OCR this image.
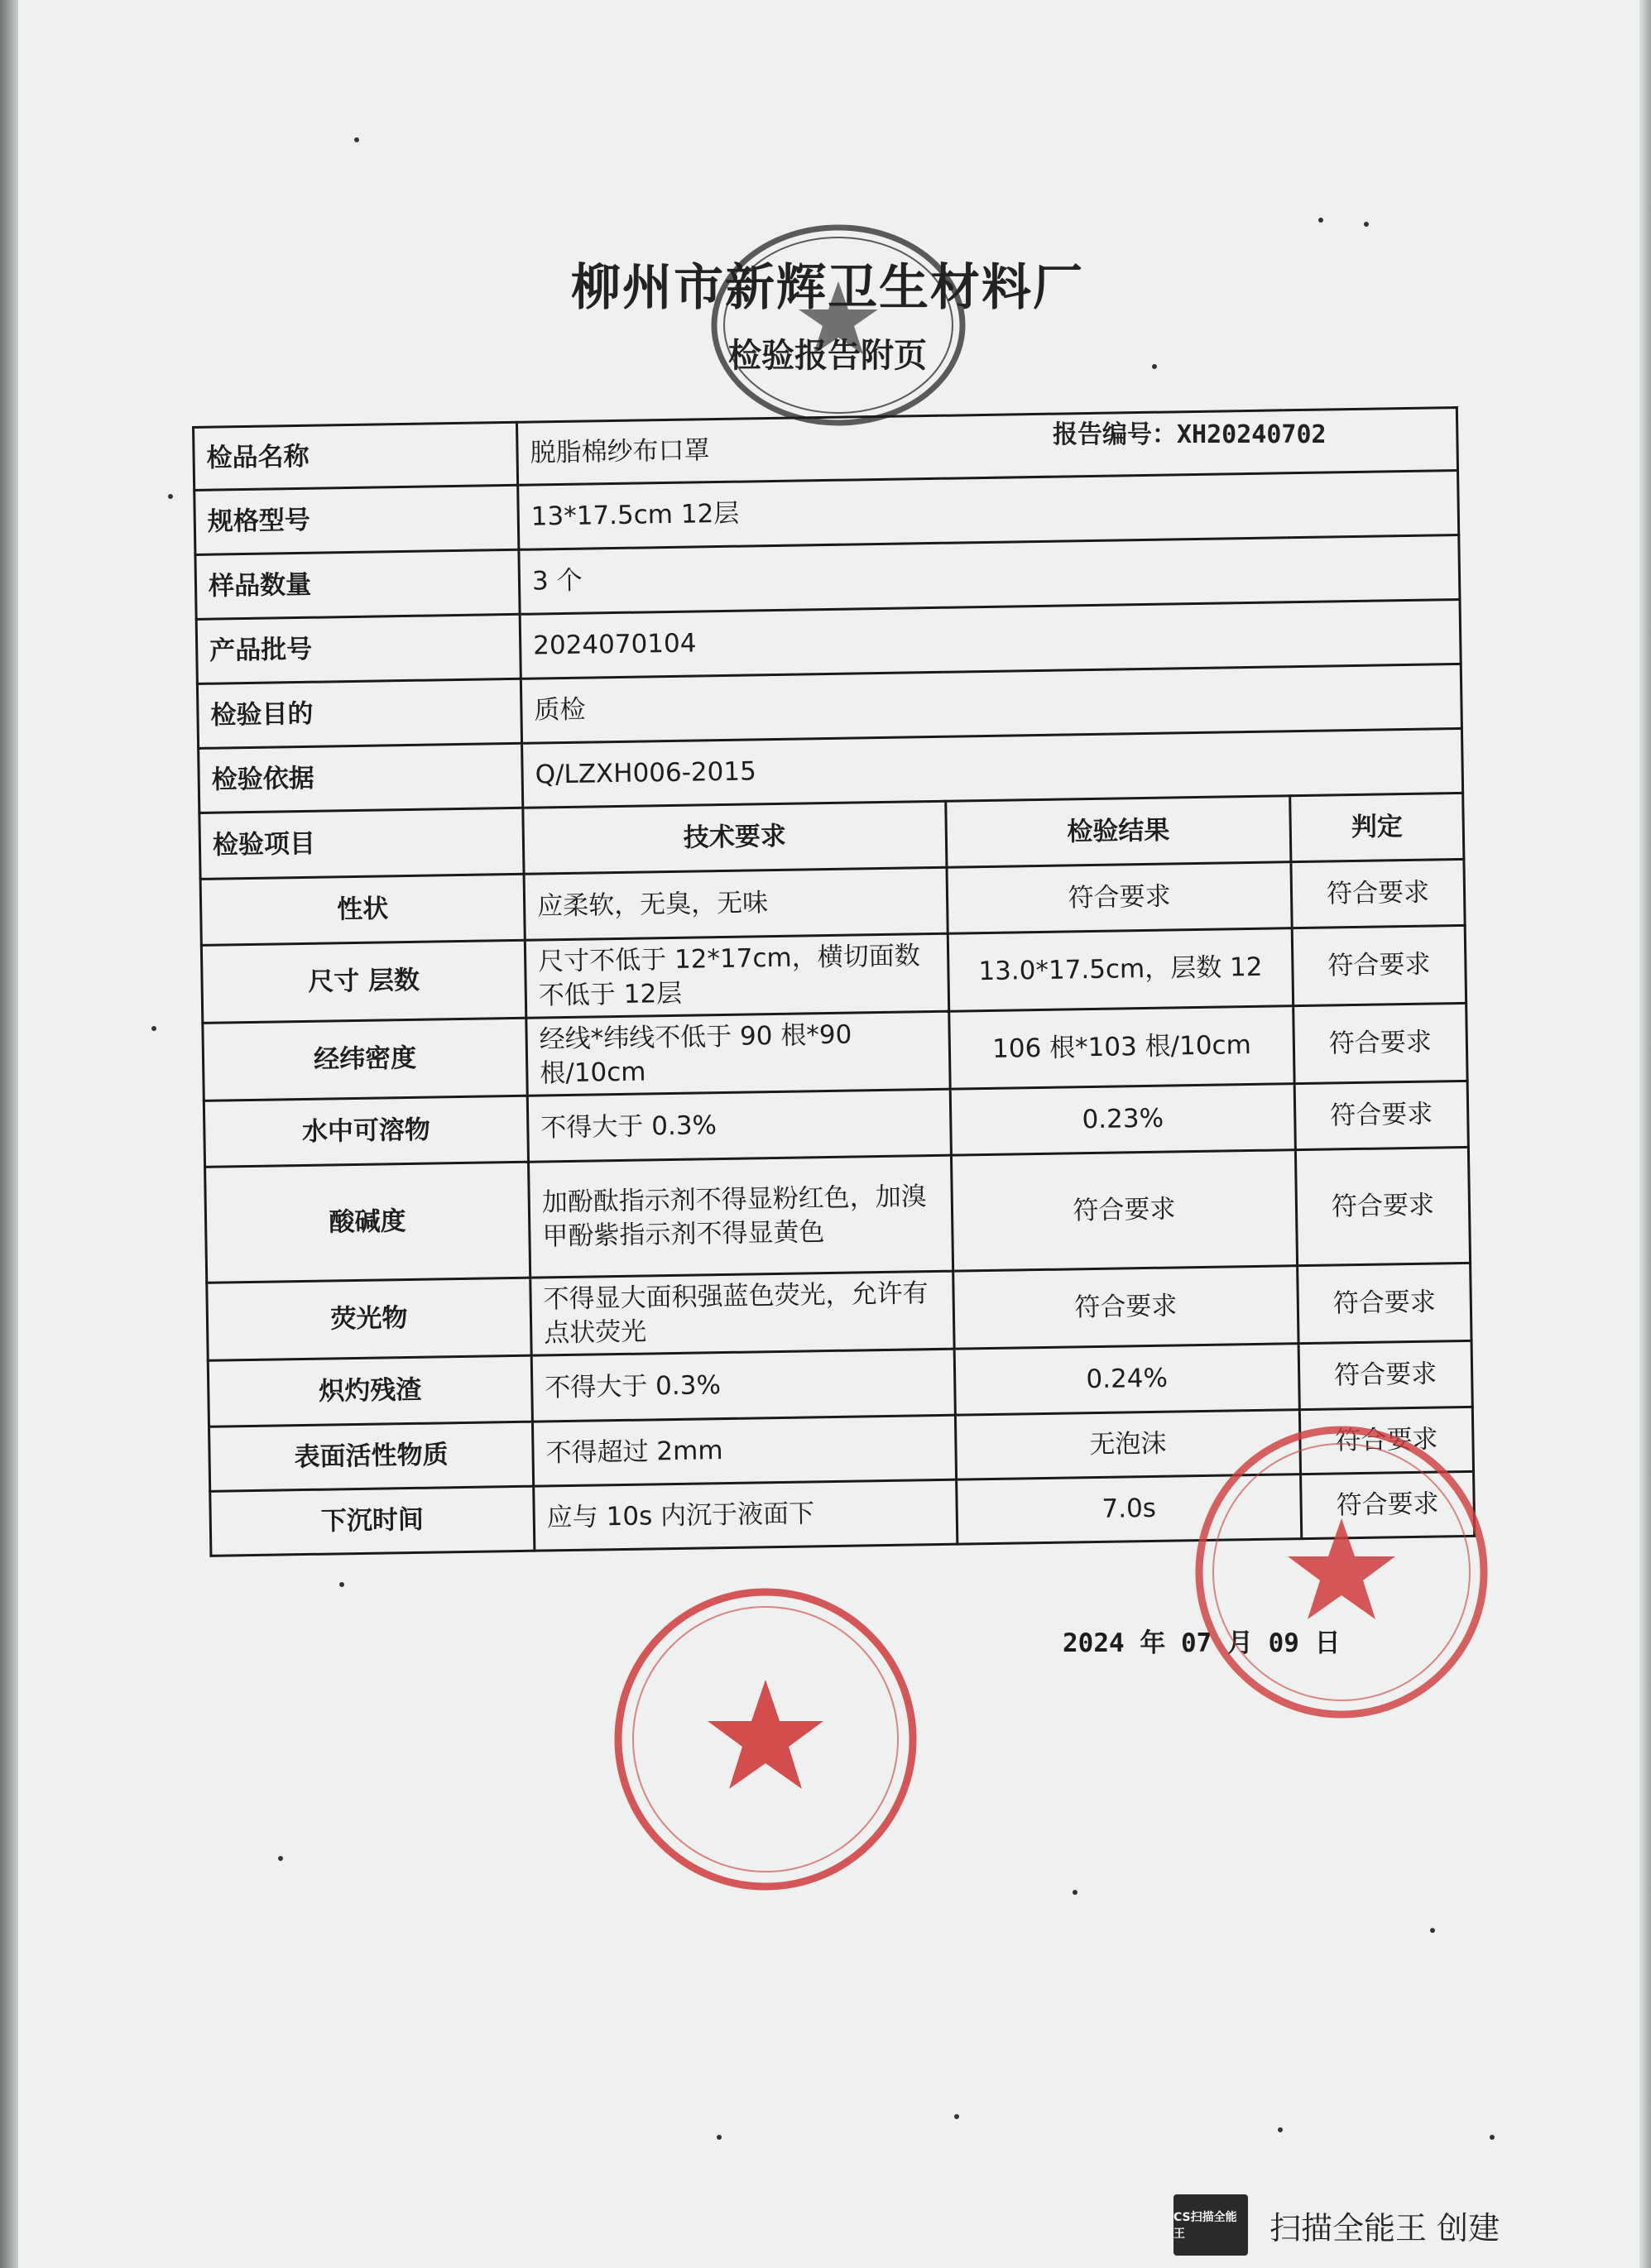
柳州市新辉卫生材料厂
检验报告附页
报告编号：XH20240702
检品名称	脱脂棉纱布口罩		
规格型号	13*17.5cm 12层		
样品数量	3 个		
产品批号	2024070104		
检验目的	质检		
检验依据	Q/LZXH006-2015		
检验项目	技术要求	检验结果	判定
性状	应柔软，无臭，无味	符合要求	符合要求
尺寸 层数	尺寸不低于 12*17cm，横切面数不低于 12层	13.0*17.5cm，层数 12	符合要求
经纬密度	经线*纬线不低于 90 根*90 根/10cm	106 根*103 根/10cm	符合要求
水中可溶物	不得大于 0.3%	0.23%	符合要求
酸碱度	加酚酞指示剂不得显粉红色，加溴甲酚紫指示剂不得显黄色	符合要求	符合要求
荧光物	不得显大面积强蓝色荧光，允许有点状荧光	符合要求	符合要求
炽灼残渣	不得大于 0.3%	0.24%	符合要求
表面活性物质	不得超过 2mm	无泡沫	符合要求
下沉时间	应与 10s 内沉于液面下	7.0s	符合要求
2024 年 07 月 09 日
CS扫描全能王	扫描全能王 创建
